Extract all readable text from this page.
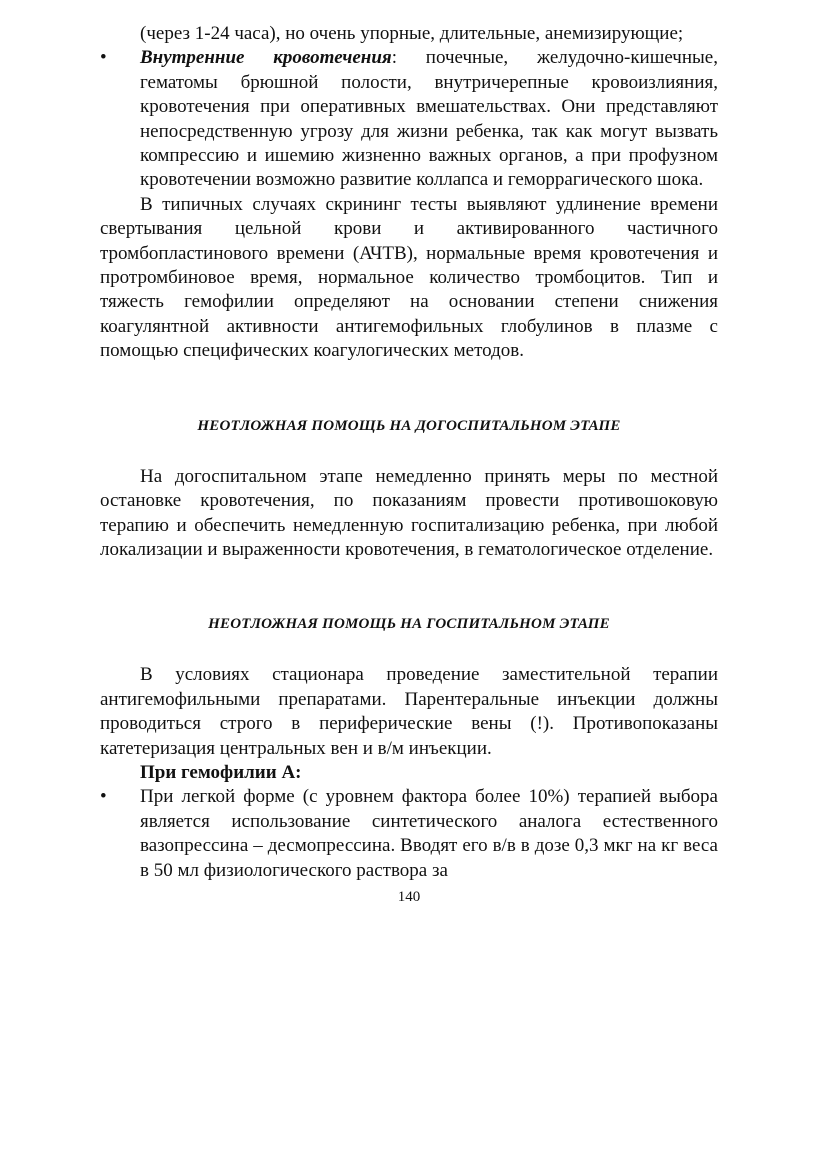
(через 1-24 часа), но очень упорные, длительные, анемизирующие;

•	Внутренние кровотечения: почечные, желудочно-кишечные, гематомы брюшной полости, внутричерепные кровоизлияния, кровотечения при оперативных вмешательствах. Они представляют непосредственную угрозу для жизни ребенка, так как могут вызвать компрессию и ишемию жизненно важных органов, а при профузном кровотечении возможно развитие коллапса и геморрагического шока.

В типичных случаях скрининг тесты выявляют удлинение времени свертывания цельной крови и активированного частичного тромбопластинового времени (АЧТВ), нормальные время кровотечения и протромбиновое время, нормальное количество тромбоцитов. Тип и тяжесть гемофилии определяют на основании степени снижения коагулянтной активности антигемофильных глобулинов в плазме с помощью специфических коагулогических методов.

НЕОТЛОЖНАЯ ПОМОЩЬ НА ДОГОСПИТАЛЬНОМ ЭТАПЕ

На догоспитальном этапе немедленно принять меры по местной остановке кровотечения, по показаниям провести противошоковую терапию и обеспечить немедленную госпитализацию ребенка, при любой локализации и выраженности кровотечения, в гематологическое отделение.

НЕОТЛОЖНАЯ ПОМОЩЬ НА ГОСПИТАЛЬНОМ ЭТАПЕ

В условиях стационара проведение заместительной терапии антигемофильными препаратами. Парентеральные инъекции должны проводиться строго в периферические вены (!). Противопоказаны катетеризация центральных вен и в/м инъекции.

При гемофилии А:

•	При легкой форме (с уровнем фактора более 10%) терапией выбора является использование синтетического аналога естественного вазопрессина – десмопрессина. Вводят его в/в в дозе 0,3 мкг на кг веса в 50 мл физиологического раствора за

140
